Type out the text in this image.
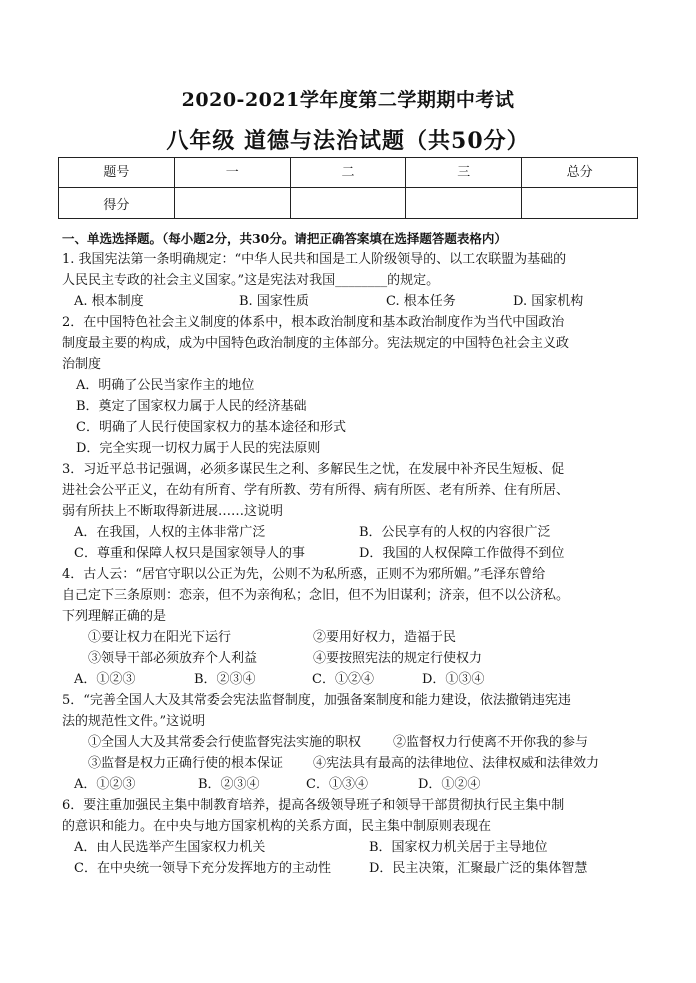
2020-2021学年度第二学期期中考试
八年级 道德与法治试题（共50分）
题号	一	二	三	总分
得分				
一、单选选择题。（每小题2分，共30分。请把正确答案填在选择题答题表格内）
1. 我国宪法第一条明确规定：“中华人民共和国是工人阶级领导的、以工农联盟为基础的
人民民主专政的社会主义国家。”这是宪法对我国________的规定。
A. 根本制度	B. 国家性质	C. 根本任务	D. 国家机构
2．在中国特色社会主义制度的体系中，根本政治制度和基本政治制度作为当代中国政治
制度最主要的构成，成为中国特色政治制度的主体部分。宪法规定的中国特色社会主义政
治制度
A．明确了公民当家作主的地位
B．奠定了国家权力属于人民的经济基础
C．明确了人民行使国家权力的基本途径和形式
D．完全实现一切权力属于人民的宪法原则
3．习近平总书记强调，必须多谋民生之利、多解民生之忧，在发展中补齐民生短板、促
进社会公平正义，在幼有所育、学有所教、劳有所得、病有所医、老有所养、住有所居、
弱有所扶上不断取得新进展……这说明
A．在我国，人权的主体非常广泛	B．公民享有的人权的内容很广泛
C．尊重和保障人权只是国家领导人的事	D．我国的人权保障工作做得不到位
4．古人云：“居官守职以公正为先，公则不为私所惑，正则不为邪所媚。”毛泽东曾给
自己定下三条原则：恋亲，但不为亲徇私；念旧，但不为旧谋利；济亲，但不以公济私。
下列理解正确的是
①要让权力在阳光下运行	②要用好权力，造福于民
③领导干部必须放弃个人利益	④要按照宪法的规定行使权力
A．①②③	B．②③④	C．①②④	D．①③④
5．“完善全国人大及其常委会宪法监督制度，加强备案制度和能力建设，依法撤销违宪违
法的规范性文件。”这说明
①全国人大及其常委会行使监督宪法实施的职权	②监督权力行使离不开你我的参与
③监督是权力正确行使的根本保证	④宪法具有最高的法律地位、法律权威和法律效力
A．①②③	B．②③④	C．①③④	D．①②④
6．要注重加强民主集中制教育培养，提高各级领导班子和领导干部贯彻执行民主集中制
的意识和能力。在中央与地方国家机构的关系方面，民主集中制原则表现在
A．由人民选举产生国家权力机关	B．国家权力机关居于主导地位
C．在中央统一领导下充分发挥地方的主动性	D．民主决策，汇聚最广泛的集体智慧
